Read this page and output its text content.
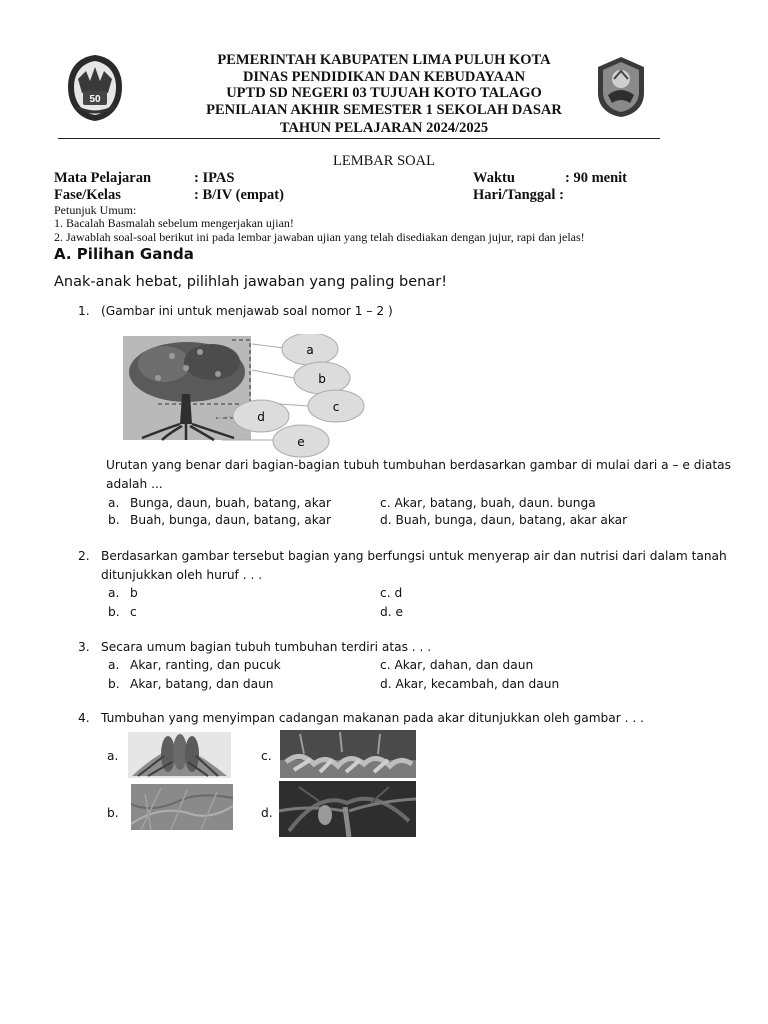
50
PEMERINTAH KABUPATEN LIMA PULUH KOTA
DINAS PENDIDIKAN DAN KEBUDAYAAN
UPTD SD NEGERI 03 TUJUAH KOTO TALAGO
PENILAIAN AKHIR SEMESTER 1 SEKOLAH DASAR
TAHUN PELAJARAN 2024/2025
LEMBAR SOAL
Mata Pelajaran	: IPAS	Waktu	: 90 menit
Fase/Kelas	: B/IV (empat)	Hari/Tanggal :
Petunjuk Umum:
1. Bacalah Basmalah sebelum mengerjakan ujian!
2. Jawablah soal-soal berikut ini pada lembar jawaban ujian yang telah disediakan dengan jujur, rapi dan jelas!
A. Pilihan Ganda
Anak-anak hebat, pilihlah jawaban yang paling benar!
1. (Gambar ini untuk menjawab soal nomor 1 – 2 )
a
b
c
d
e
Urutan yang benar dari bagian-bagian tubuh tumbuhan berdasarkan gambar di mulai dari a – e diatas
adalah ...
a. Bunga, daun, buah, batang, akar
b. Buah, bunga, daun, batang, akar
c. Akar, batang, buah, daun. bunga
d. Buah, bunga, daun, batang, akar akar
2. Berdasarkan gambar tersebut bagian yang berfungsi untuk menyerap air dan nutrisi dari dalam tanah
ditunjukkan oleh huruf . . .
a. b
b. c
c. d
d. e
3. Secara umum bagian tubuh tumbuhan terdiri atas . . .
a. Akar, ranting, dan pucuk
b. Akar, batang, dan daun
c. Akar, dahan, dan daun
d. Akar, kecambah, dan daun
4. Tumbuhan yang menyimpan cadangan makanan pada akar ditunjukkan oleh gambar . . .
a.	c.
b.	d.
